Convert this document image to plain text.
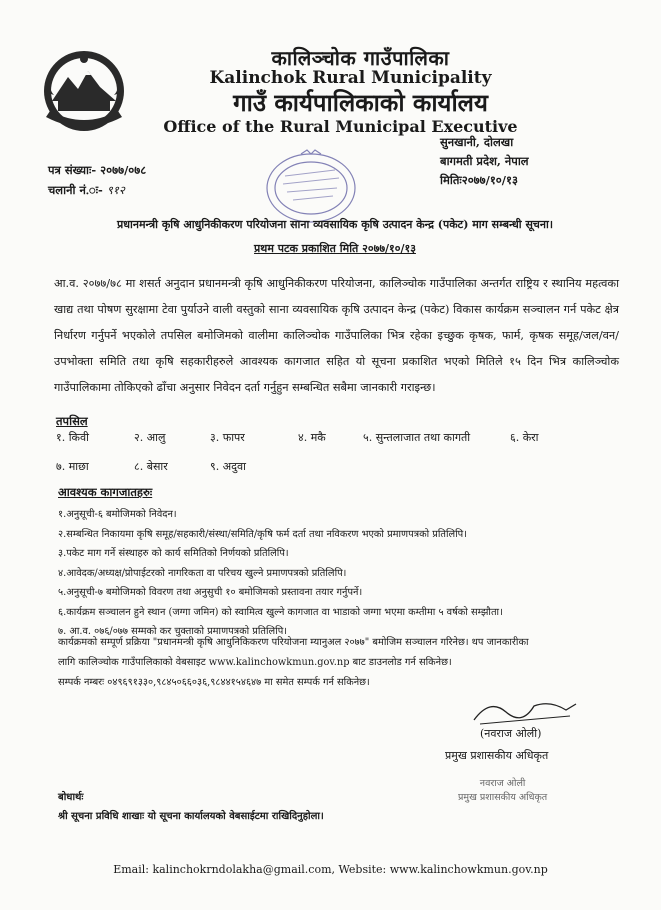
कालिञ्चोक गाउँपालिका
Kalinchok Rural Municipality
गाउँ कार्यपालिकाको कार्यालय
Office of the Rural Municipal Executive
सुनखानी, दोलखा
बागमती प्रदेश, नेपाल
मितिः२०७७/१०/१३
पत्र संख्याः- २०७७/०७८
चलानी नं.ः- ९१२
प्रधानमन्त्री कृषि आधुनिकीकरण परियोजना साना व्यवसायिक कृषि उत्पादन केन्द्र (पकेट) माग सम्बन्धी सूचना।
प्रथम पटक प्रकाशित मिति २०७७/१०/१३
आ.व. २०७७/७८ मा शसर्त अनुदान प्रधानमन्त्री कृषि आधुनिकीकरण परियोजना, कालिञ्चोक गाउँपालिका अन्तर्गत राष्ट्रिय र स्थानिय महत्वका खाद्य तथा पोषण सुरक्षामा टेवा पुर्याउने वाली वस्तुको साना व्यवसायिक कृषि उत्पादन केन्द्र (पकेट) विकास कार्यक्रम सञ्चालन गर्न पकेट क्षेत्र निर्धारण गर्नुपर्ने भएकोले तपसिल बमोजिमको वालीमा कालिञ्चोक गाउँपालिका भित्र रहेका इच्छुक कृषक, फार्म, कृषक समूह/जल/वन/उपभोक्ता समिति तथा कृषि सहकारीहरुले आवश्यक कागजात सहित यो सूचना प्रकाशित भएको मितिले १५ दिन भित्र कालिञ्चोक गाउँपालिकामा तोकिएको ढाँचा अनुसार निवेदन दर्ता गर्नुहुन सम्बन्धित सबैमा जानकारी गराइन्छ।
तपसिल
१. किवी	२. आलु	३. फापर	४. मकै	५. सुन्तलाजात तथा कागती	६. केरा
७. माछा	८. बेसार	९. अदुवा
आवश्यक कागजातहरुः
१.अनुसूची-६ बमोजिमको निवेदन।
२.सम्बन्धित निकायमा कृषि समूह/सहकारी/संस्था/समिति/कृषि फर्म दर्ता तथा नविकरण भएको प्रमाणपत्रको प्रतिलिपि।
३.पकेट माग गर्ने संस्थाहरु को कार्य समितिको निर्णयको प्रतिलिपि।
४.आवेदक/अध्यक्ष/प्रोपाईटरको नागरिकता वा परिचय खुल्ने प्रमाणपत्रको प्रतिलिपि।
५.अनुसूची-७ बमोजिमको विवरण तथा अनुसुची १० बमोजिमको प्रस्तावना तयार गर्नुपर्ने।
६.कार्यक्रम सञ्चालन हुने स्थान (जग्गा जमिन) को स्वामित्व खुल्ने कागजात वा भाडाको जग्गा भएमा कम्तीमा ५ वर्षको सम्झौता।
७. आ.व. ०७६/०७७ सम्मको कर चुक्ताको प्रमाणपत्रको प्रतिलिपि।
कार्यक्रमको सम्पूर्ण प्रक्रिया "प्रधानमन्त्री कृषि आधुनिकिकरण परियोजना म्यानुअल २०७७" बमोजिम सञ्चालन गरिनेछ। थप जानकारीका
लागि कालिञ्चोक गाउँपालिकाको वेबसाइट www.kalinchowkmun.gov.np बाट डाउनलोड गर्न सकिनेछ।
सम्पर्क नम्बरः ०४९६९१३३०,९८४५०६६०३६,९८४४१५४६४७ मा समेत सम्पर्क गर्न सकिनेछ।
(नवराज ओली)
प्रमुख प्रशासकीय अधिकृत
नवराज ओली
प्रमुख प्रशासकीय अधिकृत
बोधार्थः
श्री सूचना प्रविधि शाखाः यो सूचना कार्यालयको वेबसाईटमा राखिदिनुहोला।
Email: kalinchokrndolakha@gmail.com, Website: www.kalinchowkmun.gov.np
